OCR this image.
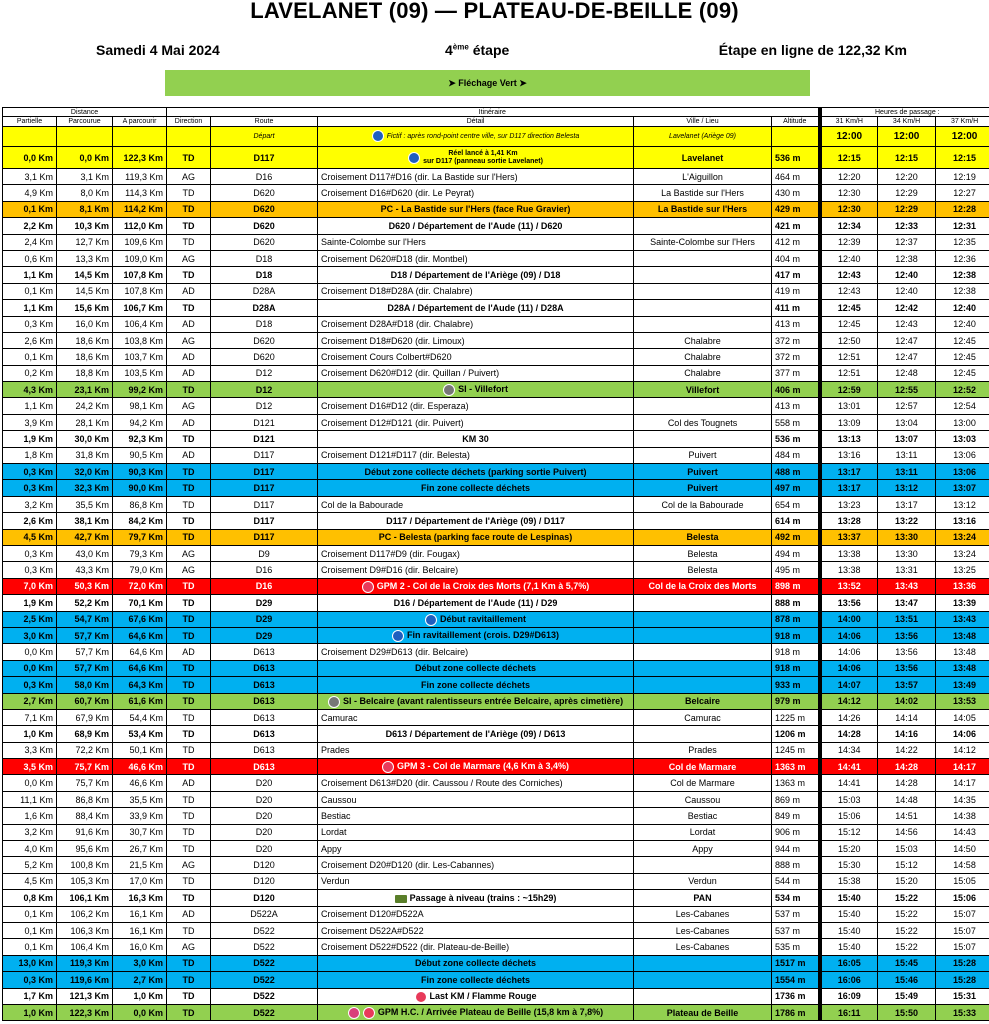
LAVELANET (09) — PLATEAU-DE-BEILLE (09)
Samedi 4 Mai 2024	4ème étape	Étape en ligne de 122,32 Km
➤ Fléchage Vert ➤
Distance			Itinéraire					Heures de passage :		
Partielle	Parcourue	A parcourir	Direction	Route	Détail	Ville / Lieu	Altitude	31 Km/H	34 Km/H	37 Km/H
				Départ	Fictif : après rond-point centre ville, sur D117 direction Belesta	Lavelanet (Ariège 09)		12:00	12:00	12:00
0,0 Km	0,0 Km	122,3 Km	TD	D117	Réel lancé à 1,41 Km
sur D117 (panneau sortie Lavelanet)	Lavelanet	536 m	12:15	12:15	12:15
3,1 Km	3,1 Km	119,3 Km	AG	D16	Croisement D117#D16 (dir. La Bastide sur l'Hers)	L'Aiguillon	464 m	12:20	12:20	12:19
4,9 Km	8,0 Km	114,3 Km	TD	D620	Croisement D16#D620 (dir. Le Peyrat)	La Bastide sur l'Hers	430 m	12:30	12:29	12:27
0,1 Km	8,1 Km	114,2 Km	TD	D620	PC - La Bastide sur l'Hers (face Rue Gravier)	La Bastide sur l'Hers	429 m	12:30	12:29	12:28
2,2 Km	10,3 Km	112,0 Km	TD	D620	D620 / Département de l'Aude (11) / D620		421 m	12:34	12:33	12:31
2,4 Km	12,7 Km	109,6 Km	TD	D620	Sainte-Colombe sur l'Hers	Sainte-Colombe sur l'Hers	412 m	12:39	12:37	12:35
0,6 Km	13,3 Km	109,0 Km	AG	D18	Croisement D620#D18 (dir. Montbel)		404 m	12:40	12:38	12:36
1,1 Km	14,5 Km	107,8 Km	TD	D18	D18 / Département de l'Ariège (09) / D18		417 m	12:43	12:40	12:38
0,1 Km	14,5 Km	107,8 Km	AD	D28A	Croisement D18#D28A (dir. Chalabre)		419 m	12:43	12:40	12:38
1,1 Km	15,6 Km	106,7 Km	TD	D28A	D28A / Département de l'Aude (11) / D28A		411 m	12:45	12:42	12:40
0,3 Km	16,0 Km	106,4 Km	AD	D18	Croisement D28A#D18 (dir. Chalabre)		413 m	12:45	12:43	12:40
2,6 Km	18,6 Km	103,8 Km	AG	D620	Croisement D18#D620 (dir. Limoux)	Chalabre	372 m	12:50	12:47	12:45
0,1 Km	18,6 Km	103,7 Km	AD	D620	Croisement Cours Colbert#D620	Chalabre	372 m	12:51	12:47	12:45
0,2 Km	18,8 Km	103,5 Km	AD	D12	Croisement D620#D12 (dir. Quillan / Puivert)	Chalabre	377 m	12:51	12:48	12:45
4,3 Km	23,1 Km	99,2 Km	TD	D12	SI - Villefort	Villefort	406 m	12:59	12:55	12:52
1,1 Km	24,2 Km	98,1 Km	AG	D12	Croisement D16#D12 (dir. Esperaza)		413 m	13:01	12:57	12:54
3,9 Km	28,1 Km	94,2 Km	AD	D121	Croisement D12#D121 (dir. Puivert)	Col des Tougnets	558 m	13:09	13:04	13:00
1,9 Km	30,0 Km	92,3 Km	TD	D121	KM 30		536 m	13:13	13:07	13:03
1,8 Km	31,8 Km	90,5 Km	AD	D117	Croisement D121#D117 (dir. Belesta)	Puivert	484 m	13:16	13:11	13:06
0,3 Km	32,0 Km	90,3 Km	TD	D117	Début zone collecte déchets (parking sortie Puivert)	Puivert	488 m	13:17	13:11	13:06
0,3 Km	32,3 Km	90,0 Km	TD	D117	Fin zone collecte déchets	Puivert	497 m	13:17	13:12	13:07
3,2 Km	35,5 Km	86,8 Km	TD	D117	Col de la Babourade	Col de la Babourade	654 m	13:23	13:17	13:12
2,6 Km	38,1 Km	84,2 Km	TD	D117	D117 / Département de l'Ariège (09) / D117		614 m	13:28	13:22	13:16
4,5 Km	42,7 Km	79,7 Km	TD	D117	PC - Belesta (parking face route de Lespinas)	Belesta	492 m	13:37	13:30	13:24
0,3 Km	43,0 Km	79,3 Km	AG	D9	Croisement D117#D9 (dir. Fougax)	Belesta	494 m	13:38	13:30	13:24
0,3 Km	43,3 Km	79,0 Km	AG	D16	Croisement D9#D16 (dir. Belcaire)	Belesta	495 m	13:38	13:31	13:25
7,0 Km	50,3 Km	72,0 Km	TD	D16	GPM 2 - Col de la Croix des Morts (7,1 Km à 5,7%)	Col de la Croix des Morts	898 m	13:52	13:43	13:36
1,9 Km	52,2 Km	70,1 Km	TD	D29	D16 / Département de l'Aude (11) / D29		888 m	13:56	13:47	13:39
2,5 Km	54,7 Km	67,6 Km	TD	D29	Début ravitaillement		878 m	14:00	13:51	13:43
3,0 Km	57,7 Km	64,6 Km	TD	D29	Fin ravitaillement (crois. D29#D613)		918 m	14:06	13:56	13:48
0,0 Km	57,7 Km	64,6 Km	AD	D613	Croisement D29#D613 (dir. Belcaire)		918 m	14:06	13:56	13:48
0,0 Km	57,7 Km	64,6 Km	TD	D613	Début zone collecte déchets		918 m	14:06	13:56	13:48
0,3 Km	58,0 Km	64,3 Km	TD	D613	Fin zone collecte déchets		933 m	14:07	13:57	13:49
2,7 Km	60,7 Km	61,6 Km	TD	D613	SI - Belcaire (avant ralentisseurs entrée Belcaire, après cimetière)	Belcaire	979 m	14:12	14:02	13:53
7,1 Km	67,9 Km	54,4 Km	TD	D613	Camurac	Camurac	1225 m	14:26	14:14	14:05
1,0 Km	68,9 Km	53,4 Km	TD	D613	D613 / Département de l'Ariège (09) / D613		1206 m	14:28	14:16	14:06
3,3 Km	72,2 Km	50,1 Km	TD	D613	Prades	Prades	1245 m	14:34	14:22	14:12
3,5 Km	75,7 Km	46,6 Km	TD	D613	GPM 3 - Col de Marmare (4,6 Km à 3,4%)	Col de Marmare	1363 m	14:41	14:28	14:17
0,0 Km	75,7 Km	46,6 Km	AD	D20	Croisement D613#D20 (dir. Caussou / Route des Corniches)	Col de Marmare	1363 m	14:41	14:28	14:17
11,1 Km	86,8 Km	35,5 Km	TD	D20	Caussou	Caussou	869 m	15:03	14:48	14:35
1,6 Km	88,4 Km	33,9 Km	TD	D20	Bestiac	Bestiac	849 m	15:06	14:51	14:38
3,2 Km	91,6 Km	30,7 Km	TD	D20	Lordat	Lordat	906 m	15:12	14:56	14:43
4,0 Km	95,6 Km	26,7 Km	TD	D20	Appy	Appy	944 m	15:20	15:03	14:50
5,2 Km	100,8 Km	21,5 Km	AG	D120	Croisement D20#D120 (dir. Les-Cabannes)		888 m	15:30	15:12	14:58
4,5 Km	105,3 Km	17,0 Km	TD	D120	Verdun	Verdun	544 m	15:38	15:20	15:05
0,8 Km	106,1 Km	16,3 Km	TD	D120	Passage à niveau (trains : ~15h29)	PAN	534 m	15:40	15:22	15:06
0,1 Km	106,2 Km	16,1 Km	AD	D522A	Croisement D120#D522A	Les-Cabanes	537 m	15:40	15:22	15:07
0,1 Km	106,3 Km	16,1 Km	TD	D522	Croisement D522A#D522	Les-Cabanes	537 m	15:40	15:22	15:07
0,1 Km	106,4 Km	16,0 Km	AG	D522	Croisement D522#D522 (dir. Plateau-de-Beille)	Les-Cabanes	535 m	15:40	15:22	15:07
13,0 Km	119,3 Km	3,0 Km	TD	D522	Début zone collecte déchets		1517 m	16:05	15:45	15:28
0,3 Km	119,6 Km	2,7 Km	TD	D522	Fin zone collecte déchets		1554 m	16:06	15:46	15:28
1,7 Km	121,3 Km	1,0 Km	TD	D522	Last KM / Flamme Rouge		1736 m	16:09	15:49	15:31
1,0 Km	122,3 Km	0,0 Km	TD	D522	GPM H.C. / Arrivée Plateau de Beille (15,8 km à 7,8%)	Plateau de Beille	1786 m	16:11	15:50	15:33
